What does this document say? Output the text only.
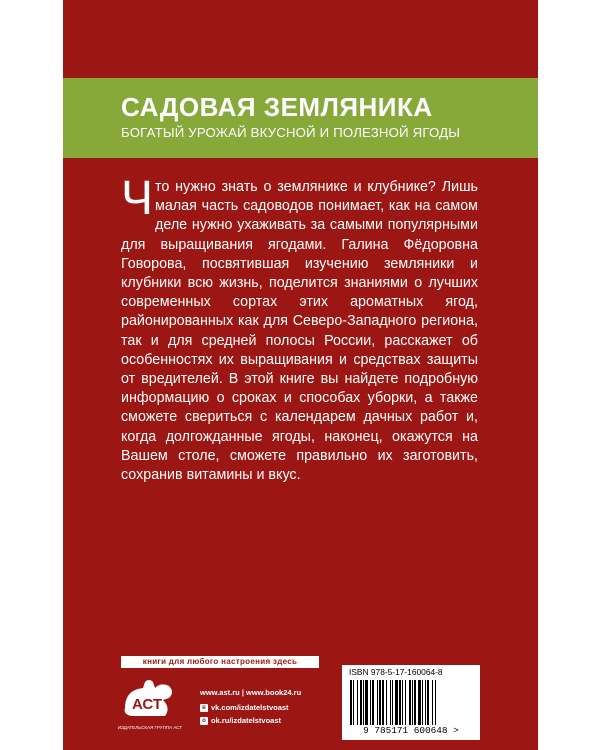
САДОВАЯ ЗЕМЛЯНИКА
БОГАТЫЙ УРОЖАЙ ВКУСНОЙ И ПОЛЕЗНОЙ ЯГОДЫ
Что нужно знать о землянике и клубнике? Лишь малая часть садоводов понимает, как на самом деле нужно ухаживать за самыми популярными для выращивания ягодами. Галина Фёдоровна Говорова, посвятившая изучению земляники и клубники всю жизнь, поделится знаниями о лучших современных сортах этих ароматных ягод, районированных как для Северо-Западного региона, так и для средней полосы России, расскажет об особенностях их выращивания и средствах защиты от вредителей. В этой книге вы найдете подробную информацию о сроках и способах уборки, а также сможете свериться с календарем дачных работ и, когда долгожданные ягоды, наконец, окажутся на Вашем столе, сможете правильно их заготовить, сохранив витамины и вкус.
книги для любого настроения здесь
АСТ
ИЗДАТЕЛЬСКАЯ ГРУППА АСТ
www.ast.ru | www.book24.ru
в vk.com/izdatelstvoast
о ok.ru/izdatelstvoast
ISBN 978-5-17-160064-8
9 785171 600648 >
